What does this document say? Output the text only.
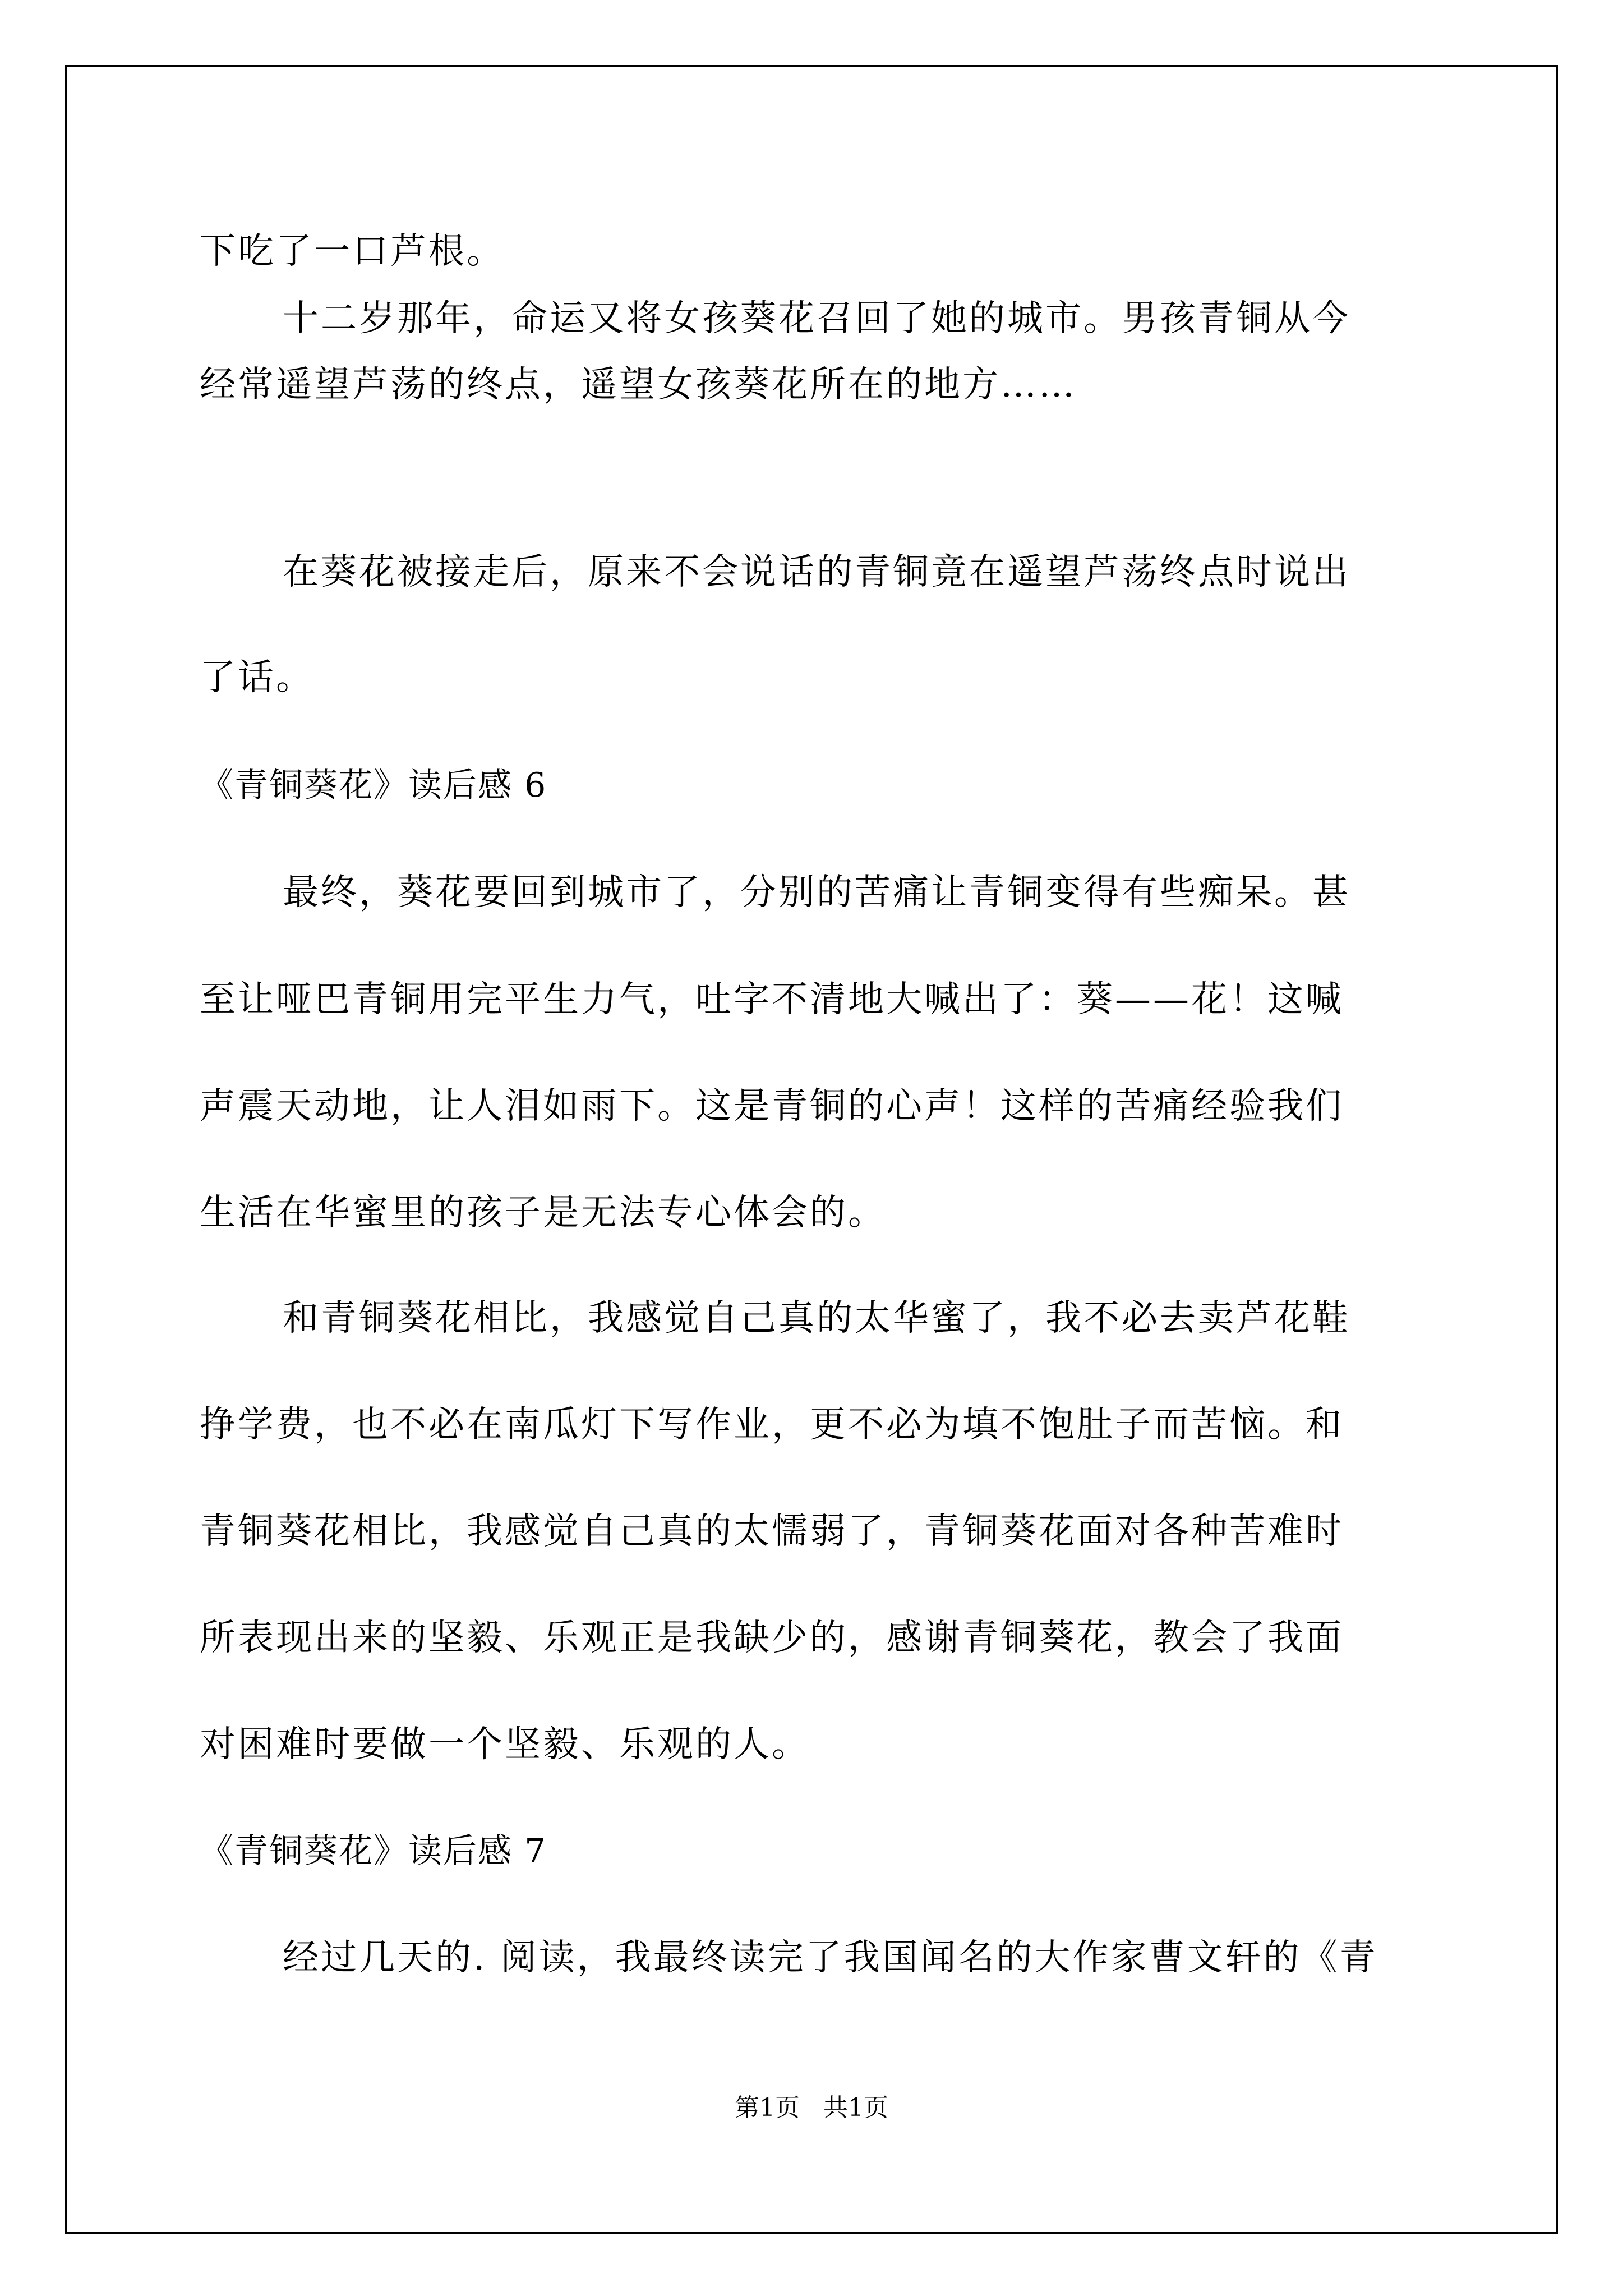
下吃了一口芦根。
十二岁那年，命运又将女孩葵花召回了她的城市。男孩青铜从今
经常遥望芦荡的终点，遥望女孩葵花所在的地方……
在葵花被接走后，原来不会说话的青铜竟在遥望芦荡终点时说出
了话。
《青铜葵花》读后感 6
最终，葵花要回到城市了，分别的苦痛让青铜变得有些痴呆。甚
至让哑巴青铜用完平生力气，吐字不清地大喊出了：葵——花！这喊
声震天动地，让人泪如雨下。这是青铜的心声！这样的苦痛经验我们
生活在华蜜里的孩子是无法专心体会的。
和青铜葵花相比，我感觉自己真的太华蜜了，我不必去卖芦花鞋
挣学费，也不必在南瓜灯下写作业，更不必为填不饱肚子而苦恼。和
青铜葵花相比，我感觉自己真的太懦弱了，青铜葵花面对各种苦难时
所表现出来的坚毅、乐观正是我缺少的，感谢青铜葵花，教会了我面
对困难时要做一个坚毅、乐观的人。
《青铜葵花》读后感 7
经过几天的. 阅读，我最终读完了我国闻名的大作家曹文轩的《青
第1页 共1页
